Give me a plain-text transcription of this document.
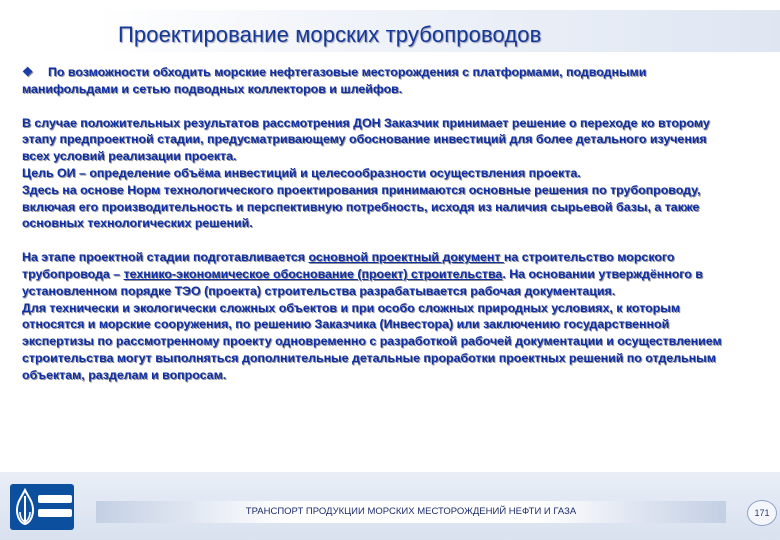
Проектирование морских трубопроводов

❖ По возможности обходить морские нефтегазовые месторождения с платформами, подводными манифольдами и сетью подводных коллекторов и шлейфов.

В случае положительных результатов рассмотрения ДОН Заказчик принимает решение о переходе ко второму этапу предпроектной стадии, предусматривающему обоснование инвестиций для более детального изучения всех условий реализации проекта.

Цель ОИ – определение объёма инвестиций и целесообразности осуществления проекта.

Здесь на основе Норм технологического проектирования принимаются основные решения по трубопроводу, включая его производительность и перспективную потребность, исходя из наличия сырьевой базы, а также основных технологических решений.

На этапе проектной стадии подготавливается основной проектный документ на строительство морского трубопровода – технико-экономическое обоснование (проект) строительства. На основании утверждённого в установленном порядке ТЭО (проекта) строительства разрабатывается рабочая документация.

Для технически и экологически сложных объектов и при особо сложных природных условиях, к которым относятся и морские сооружения, по решению Заказчика (Инвестора) или заключению государственной экспертизы по рассмотренному проекту одновременно с разработкой рабочей документации и осуществлением строительства могут выполняться дополнительные детальные проработки проектных решений по отдельным объектам, разделам и вопросам.

ТРАНСПОРТ ПРОДУКЦИИ МОРСКИХ МЕСТОРОЖДЕНИЙ НЕФТИ И ГАЗА	171
